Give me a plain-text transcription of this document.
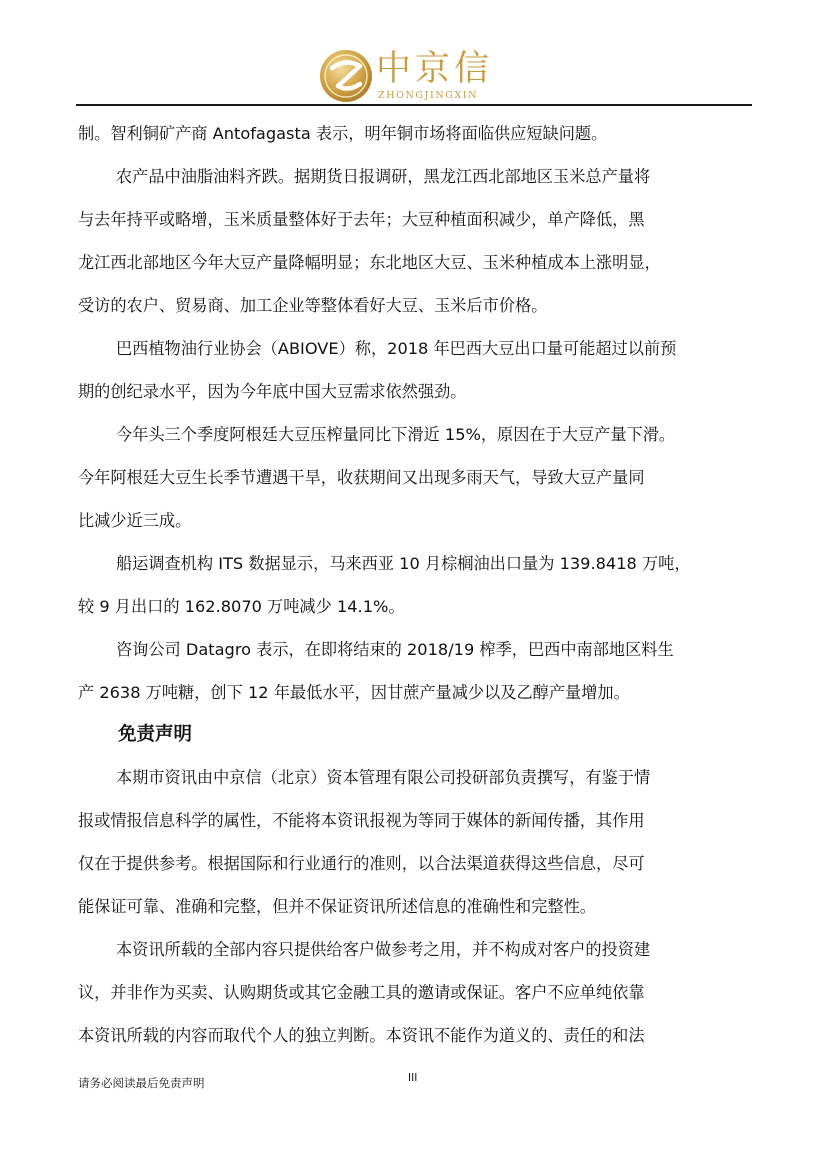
中京信
ZHONGJINGXIN

制。智利铜矿产商 Antofagasta 表示，明年铜市场将面临供应短缺问题。

农产品中油脂油料齐跌。据期货日报调研，黑龙江西北部地区玉米总产量将
与去年持平或略增，玉米质量整体好于去年；大豆种植面积减少，单产降低，黑
龙江西北部地区今年大豆产量降幅明显；东北地区大豆、玉米种植成本上涨明显，
受访的农户、贸易商、加工企业等整体看好大豆、玉米后市价格。

巴西植物油行业协会（ABIOVE）称，2018 年巴西大豆出口量可能超过以前预
期的创纪录水平，因为今年底中国大豆需求依然强劲。

今年头三个季度阿根廷大豆压榨量同比下滑近 15%，原因在于大豆产量下滑。
今年阿根廷大豆生长季节遭遇干旱，收获期间又出现多雨天气，导致大豆产量同
比减少近三成。

船运调查机构 ITS 数据显示，马来西亚 10 月棕榈油出口量为 139.8418 万吨，
较 9 月出口的 162.8070 万吨减少 14.1%。

咨询公司 Datagro 表示，在即将结束的 2018/19 榨季，巴西中南部地区料生
产 2638 万吨糖，创下 12 年最低水平，因甘蔗产量减少以及乙醇产量增加。

免责声明

本期市资讯由中京信（北京）资本管理有限公司投研部负责撰写，有鉴于情
报或情报信息科学的属性，不能将本资讯报视为等同于媒体的新闻传播，其作用
仅在于提供参考。根据国际和行业通行的准则，以合法渠道获得这些信息，尽可
能保证可靠、准确和完整，但并不保证资讯所述信息的准确性和完整性。

本资讯所载的全部内容只提供给客户做参考之用，并不构成对客户的投资建
议，并非作为买卖、认购期货或其它金融工具的邀请或保证。客户不应单纯依靠
本资讯所载的内容而取代个人的独立判断。本资讯不能作为道义的、责任的和法

请务必阅读最后免责声明	III
